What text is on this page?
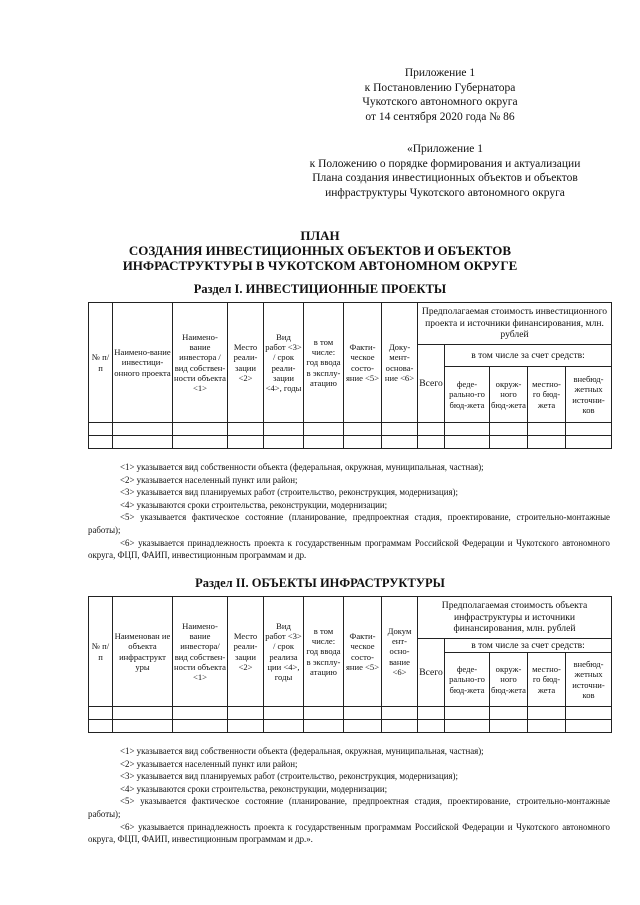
Приложение 1
к Постановлению Губернатора
Чукотского автономного округа
от 14 сентября 2020 года № 86
«Приложение 1
к Положению о порядке формирования и актуализации
Плана создания инвестиционных объектов и объектов
инфраструктуры Чукотского автономного округа
ПЛАН
СОЗДАНИЯ ИНВЕСТИЦИОННЫХ ОБЪЕКТОВ И ОБЪЕКТОВ
ИНФРАСТРУКТУРЫ В ЧУКОТСКОМ АВТОНОМНОМ ОКРУГЕ
Раздел I. ИНВЕСТИЦИОННЫЕ ПРОЕКТЫ
№ п/п	Наимено-вание инвестици-онного проекта	Наимено-вание инвестора / вид собствен-ности объекта <1>	Место реали-зации <2>	Вид работ <3> / срок реали-зации <4>, годы	в том числе: год ввода в эксплу-атацию	Факти-ческое состо-яние <5>	Доку-мент-основа-ние <6>	Предполагаемая стоимость инвестиционного проекта и источники финансирования, млн. рублей				
								Всего	в том числе за счет средств:			
									феде-рально-го бюд-жета	окруж-ного бюд-жета	местно-го бюд-жета	внебюд-жетных источни-ков

<1> указывается вид собственности объекта (федеральная, окружная, муниципальная, частная);

<2> указывается населенный пункт или район;

<3> указывается вид планируемых работ (строительство, реконструкция, модернизация);

<4> указываются сроки строительства, реконструкции, модернизации;

<5> указывается фактическое состояние (планирование, предпроектная стадия, проектирование, строительно-монтажные работы);

<6> указывается принадлежность проекта к государственным программам Российской Федерации и Чукотского автономного округа, ФЦП, ФАИП, инвестиционным программам и др.

Раздел II. ОБЪЕКТЫ ИНФРАСТРУКТУРЫ
№ п/п	Наименован ие объекта инфраструкт уры	Наимено-вание инвестора/ вид собствен-ности объекта <1>	Место реали-зации <2>	Вид работ <3> / срок реализа ции <4>, годы	в том числе: год ввода в эксплу-атацию	Факти-ческое состо-яние <5>	Докум ент-осно-вание <6>	Предполагаемая стоимость объекта инфраструктуры и источники финансирования, млн. рублей				
								Всего	в том числе за счет средств:			
									феде-рально-го бюд-жета	окруж-ного бюд-жета	местно-го бюд-жета	внебюд-жетных источни-ков

<1> указывается вид собственности объекта (федеральная, окружная, муниципальная, частная);

<2> указывается населенный пункт или район;

<3> указывается вид планируемых работ (строительство, реконструкция, модернизация);

<4> указываются сроки строительства, реконструкции, модернизации;

<5> указывается фактическое состояние (планирование, предпроектная стадия, проектирование, строительно-монтажные работы);

<6> указывается принадлежность проекта к государственным программам Российской Федерации и Чукотского автономного округа, ФЦП, ФАИП, инвестиционным программам и др.».
